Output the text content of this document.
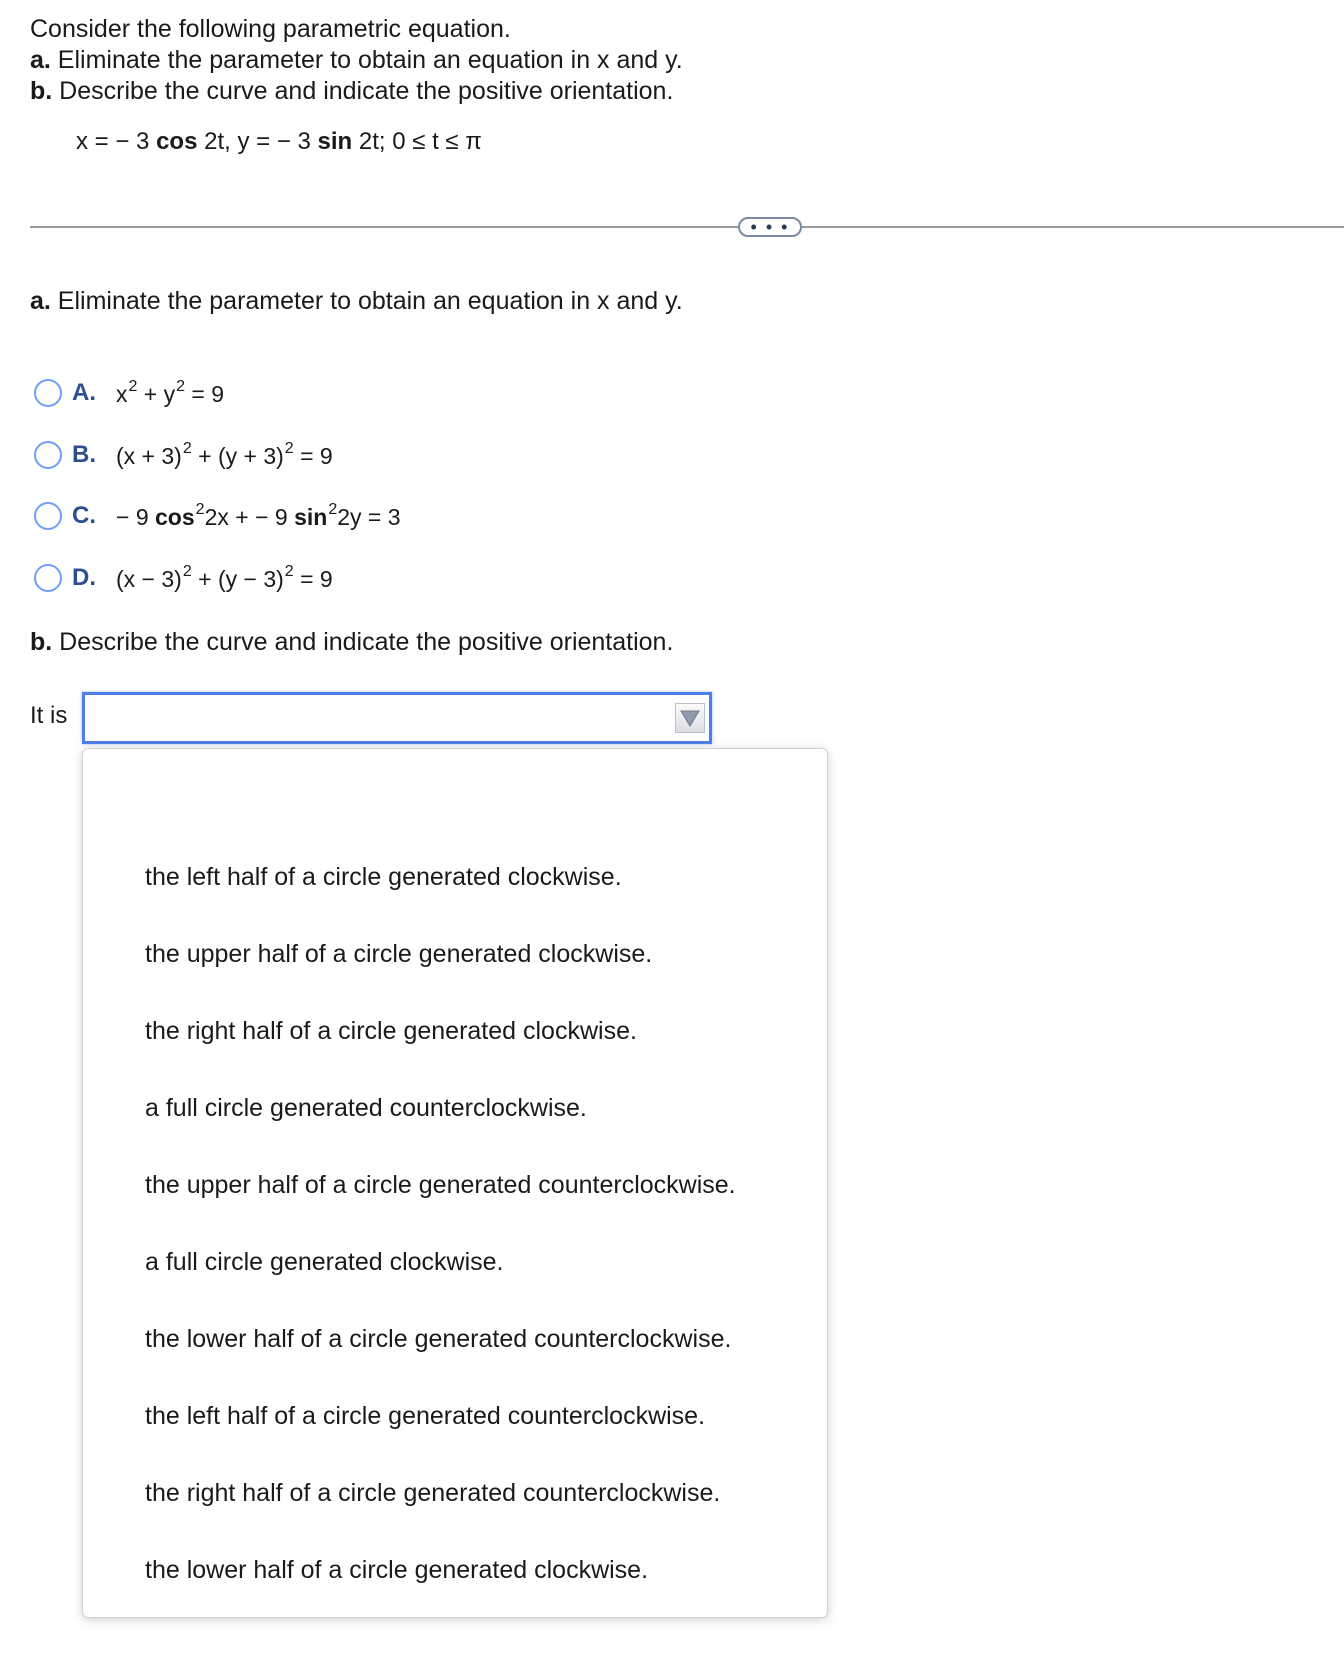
Consider the following parametric equation.
a. Eliminate the parameter to obtain an equation in x and y.
b. Describe the curve and indicate the positive orientation.
x = − 3 cos 2t, y = − 3 sin 2t; 0 ≤ t ≤ π
• • •
a. Eliminate the parameter to obtain an equation in x and y.
A. $x^2 + y^2 = 9$
B. $(x + 3)^2 + (y + 3)^2 = 9$
C. − 9 $\cos^22x$ + − 9 $\sin^22y = 3$
D. $(x - 3)^2 + (y - 3)^2 = 9$
b. Describe the curve and indicate the positive orientation.
It is
the left half of a circle generated clockwise.
the upper half of a circle generated clockwise.
the right half of a circle generated clockwise.
a full circle generated counterclockwise.
the upper half of a circle generated counterclockwise.
a full circle generated clockwise.
the lower half of a circle generated counterclockwise.
the left half of a circle generated counterclockwise.
the right half of a circle generated counterclockwise.
the lower half of a circle generated clockwise.
